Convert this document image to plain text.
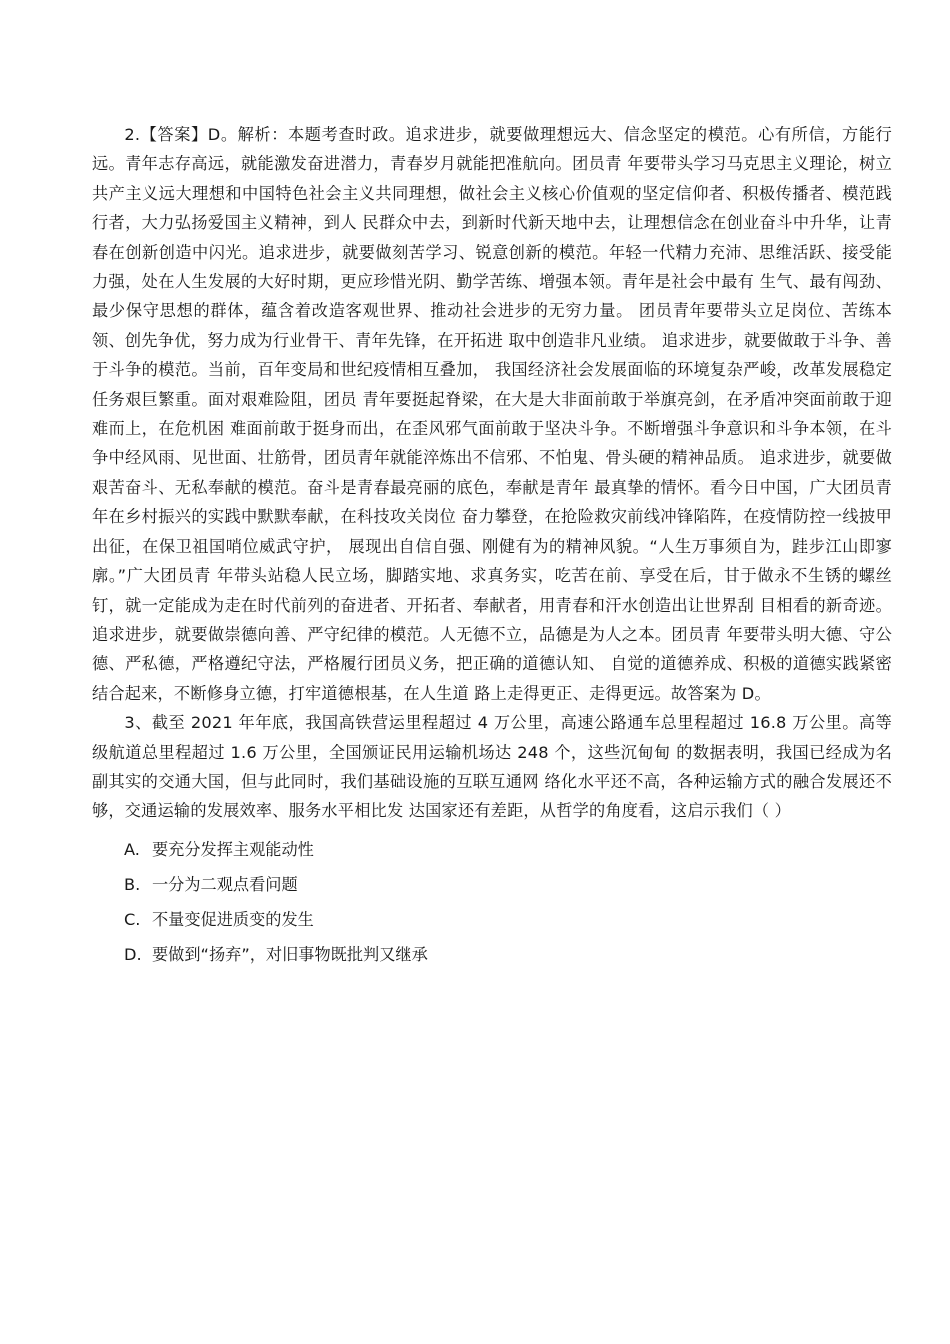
2.【答案】D。解析：本题考查时政。追求进步，就要做理想远大、信念坚定的模范。心有所信，方能行远。青年志存高远，就能激发奋进潜力，青春岁月就能把准航向。团员青 年要带头学习马克思主义理论，树立共产主义远大理想和中国特色社会主义共同理想，做社会主义核心价值观的坚定信仰者、积极传播者、模范践行者，大力弘扬爱国主义精神，到人 民群众中去，到新时代新天地中去，让理想信念在创业奋斗中升华，让青春在创新创造中闪光。追求进步，就要做刻苦学习、锐意创新的模范。年轻一代精力充沛、思维活跃、接受能 力强，处在人生发展的大好时期，更应珍惜光阴、勤学苦练、增强本领。青年是社会中最有 生气、最有闯劲、最少保守思想的群体，蕴含着改造客观世界、推动社会进步的无穷力量。 团员青年要带头立足岗位、苦练本领、创先争优，努力成为行业骨干、青年先锋，在开拓进 取中创造非凡业绩。 追求进步，就要做敢于斗争、善于斗争的模范。当前，百年变局和世纪疫情相互叠加， 我国经济社会发展面临的环境复杂严峻，改革发展稳定任务艰巨繁重。面对艰难险阻，团员 青年要挺起脊梁，在大是大非面前敢于举旗亮剑，在矛盾冲突面前敢于迎难而上，在危机困 难面前敢于挺身而出，在歪风邪气面前敢于坚决斗争。不断增强斗争意识和斗争本领，在斗 争中经风雨、见世面、壮筋骨，团员青年就能淬炼出不信邪、不怕鬼、骨头硬的精神品质。 追求进步，就要做艰苦奋斗、无私奉献的模范。奋斗是青春最亮丽的底色，奉献是青年 最真挚的情怀。看今日中国，广大团员青年在乡村振兴的实践中默默奉献，在科技攻关岗位 奋力攀登，在抢险救灾前线冲锋陷阵，在疫情防控一线披甲出征，在保卫祖国哨位威武守护， 展现出自信自强、刚健有为的精神风貌。“人生万事须自为，跬步江山即寥廓。”广大团员青 年带头站稳人民立场，脚踏实地、求真务实，吃苦在前、享受在后，甘于做永不生锈的螺丝 钉，就一定能成为走在时代前列的奋进者、开拓者、奉献者，用青春和汗水创造出让世界刮 目相看的新奇迹。 追求进步，就要做崇德向善、严守纪律的模范。人无德不立，品德是为人之本。团员青 年要带头明大德、守公德、严私德，严格遵纪守法，严格履行团员义务，把正确的道德认知、 自觉的道德养成、积极的道德实践紧密结合起来，不断修身立德，打牢道德根基，在人生道 路上走得更正、走得更远。故答案为 D。

3、截至 2021 年年底，我国高铁营运里程超过 4 万公里，高速公路通车总里程超过 16.8 万公里。高等级航道总里程超过 1.6 万公里，全国颁证民用运输机场达 248 个，这些沉甸甸 的数据表明，我国已经成为名副其实的交通大国，但与此同时，我们基础设施的互联互通网 络化水平还不高，各种运输方式的融合发展还不够，交通运输的发展效率、服务水平相比发 达国家还有差距，从哲学的角度看，这启示我们（ ）

A. 要充分发挥主观能动性
B. 一分为二观点看问题
C. 不量变促进质变的发生
D. 要做到“扬弃”，对旧事物既批判又继承
